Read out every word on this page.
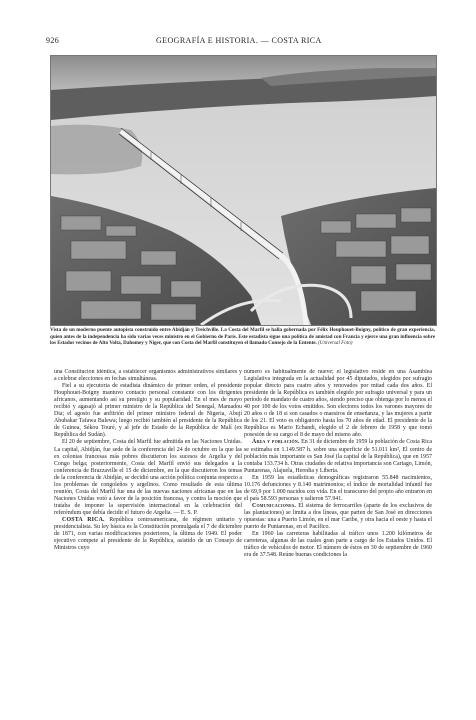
926	GEOGRAFÍA E HISTORIA. — COSTA RICA
Vista de un moderno puente autopista construido entre Abidján y Treichville. La Costa del Marfil se halla gobernada por Félix Houphouet-Boigny, político de gran experiencia, quien antes de la independencia ha sido varias veces ministro en el Gobierno de París. Este estadista sigue una política de amistad con Francia y ejerce una gran influencia sobre los Estados vecinos de Alto Volta, Dahomey y Níger, que con Costa del Marfil constituyen el llamado Consejo de la Entente. (Universal Foto)

una Constitución idéntica, a establecer organismos administrativos similares y a celebrar elecciones en fechas simultáneas.

Fiel a su ejecutoria de estadista dinámico de primer orden, el presidente Houphouet-Boigny mantuvo contacto personal constante con los dirigentes africanos, aumentando así su prestigio y su popularidad. En el mes de mayo recibió y agasajó al primer ministro de la República del Senegal, Mamadou Dia; el agosto fue anfitrión del primer ministro federal de Nigeria, Abují Abubakar Tafawa Balewa; luego recibió también al presidente de la República de Guinea, Sékou Touré, y al jefe de Estado de la República de Malí (ex República del Sudán).

El 20 de septiembre, Costa del Marfil fue admitida en las Naciones Unidas. La capital, Abidján, fue sede de la conferencia del 24 de octubre en la que las ex colonias francesas más pobres discutieron los sucesos de Argelia y del Congo belga; posteriormente, Costa del Marfil envió sus delegados a la conferencia de Brazzaville el 15 de diciembre, en la que discutieron los temas de la conferencia de Abidján, se decidió una acción política conjunta respecto a los problemas de congoleños y argelinos. Como resultado de esta última reunión, Costa del Marfil fue una de las nuevas naciones africanas que en las Naciones Unidas votó a favor de la posición francesa, y contra la moción que trataba de imponer la supervisión internacional en la celebración del referéndum que debía decidir el futuro de Argelia. — E. S. P.

COSTA RICA. República centroamericana, de régimen unitario y presidencialista. Su ley básica es la Constitución promulgada el 7 de diciembre de 1871, con varias modificaciones posteriores, la última de 1949. El poder ejecutivo compete al presidente de la República, asistido de un Consejo de Ministros cuyo

número es habitualmente de nueve; el legislativo reside en una Asamblea Legislativa integrada en la actualidad por 45 diputados, elegidos por sufragio popular directo para cuatro años y renovados por mitad cada dos años. El presidente de la República es también elegido por sufragio universal y para un período de mandato de cuatro años, siendo preciso que obtenga por lo menos el 40 por 100 de los votos emitidos. Son electores todos los varones mayores de 20 años o de 18 si son casados o maestros de enseñanza, y las mujeres a partir de los 21. El voto es obligatorio hasta los 70 años de edad. El presidente de la República es Mario Echandi, elegido el 2 de febrero de 1958 y que tomó posesión de su cargo el 8 de mayo del mismo año.

Área y población. En 31 de diciembre de 1959 la población de Costa Rica se estimaba en 1.149.587 h. sobre una superficie de 51.011 km², El centro de población más importante es San José (la capital de la República), que en 1957 contaba 133.734 h. Otras ciudades de relativa importancia son Cartago, Limón, Puntarenas, Alajuela, Heredia y Liberia.

En 1959 las estadísticas demográficas registraron 55.848 nacimientos, 10.176 defunciones y 8.140 matrimonios; el índice de mortalidad infantil fue de 69,9 por 1.000 nacidos con vida. En el transcurso del propio año entraron en el país 58.593 personas y salieron 57.941.

Comunicaciones. El sistema de ferrocarriles (aparte de los exclusivos de las plantaciones) se limita a dos líneas, que parten de San José en direcciones opuestas: una a Puerto Limón, en el mar Caribe, y otra hacia el oeste y hasta el puerto de Puntarenas, en el Pacífico.

En 1960 las carreteras habilitadas al tráfico unos 1.200 kilómetros de carreteras, algunas de las cuales gran parte a cargo de los Estados Unidos. El tráfico de vehículos de motor. El número de éstos en 30 de septiembre de 1960 era de 37.548. Reúne buenas condiciones la
